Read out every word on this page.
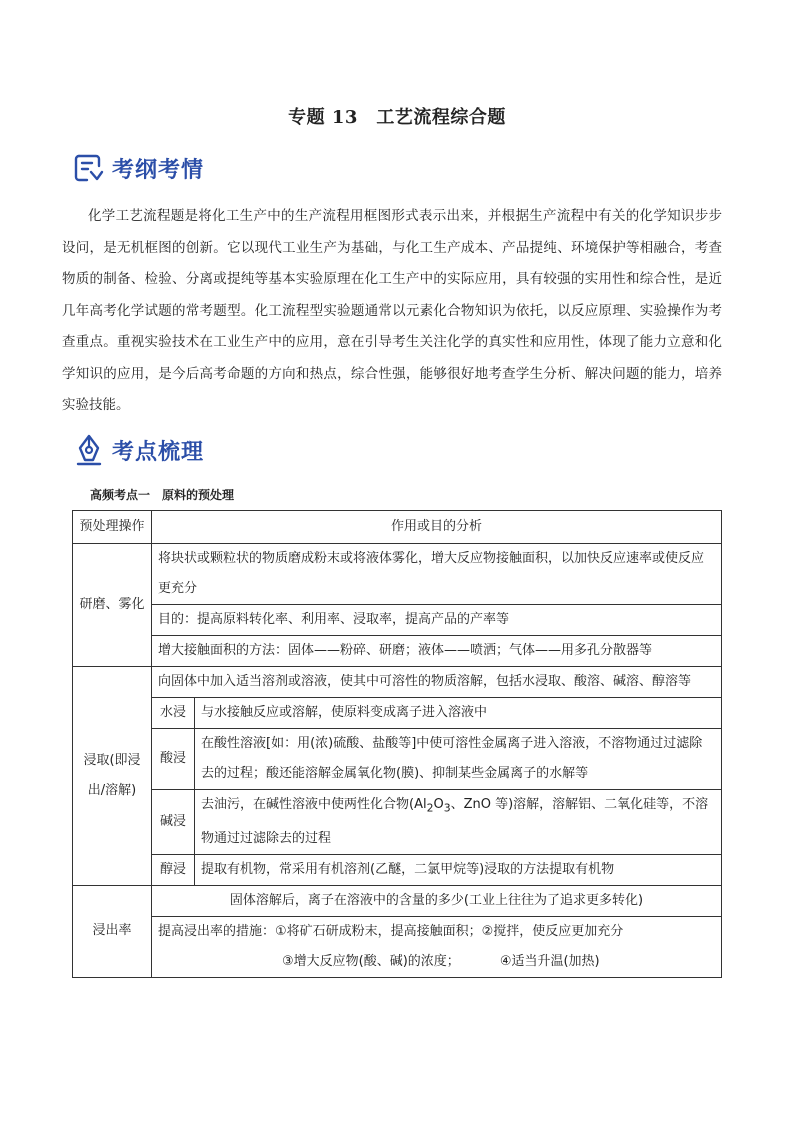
专题 13　工艺流程综合题
考纲考情
化学工艺流程题是将化工生产中的生产流程用框图形式表示出来，并根据生产流程中有关的化学知识步步设问，是无机框图的创新。它以现代工业生产为基础，与化工生产成本、产品提纯、环境保护等相融合，考查物质的制备、检验、分离或提纯等基本实验原理在化工生产中的实际应用，具有较强的实用性和综合性，是近几年高考化学试题的常考题型。化工流程型实验题通常以元素化合物知识为依托，以反应原理、实验操作为考查重点。重视实验技术在工业生产中的应用，意在引导考生关注化学的真实性和应用性，体现了能力立意和化学知识的应用，是今后高考命题的方向和热点，综合性强，能够很好地考查学生分析、解决问题的能力，培养实验技能。
考点梳理
高频考点一　原料的预处理
预处理操作	作用或目的分析	
研磨、雾化	将块状或颗粒状的物质磨成粉末或将液体雾化，增大反应物接触面积，以加快反应速率或使反应更充分	
	目的：提高原料转化率、利用率、浸取率，提高产品的产率等	
	增大接触面积的方法：固体——粉碎、研磨；液体——喷洒；气体——用多孔分散器等	
浸取(即浸出/溶解)	向固体中加入适当溶剂或溶液，使其中可溶性的物质溶解，包括水浸取、酸溶、碱溶、醇溶等	
	水浸	与水接触反应或溶解，使原料变成离子进入溶液中
	酸浸	在酸性溶液[如：用(浓)硫酸、盐酸等]中使可溶性金属离子进入溶液，不溶物通过过滤除去的过程；酸还能溶解金属氧化物(膜)、抑制某些金属离子的水解等
	碱浸	去油污，在碱性溶液中使两性化合物($Al_2O_3$、ZnO 等)溶解，溶解铝、二氧化硅等，不溶物通过过滤除去的过程
	醇浸	提取有机物，常采用有机溶剂(乙醚，二氯甲烷等)浸取的方法提取有机物
浸出率	固体溶解后，离子在溶液中的含量的多少(工业上往往为了追求更多转化)	

	提高浸出率的措施：①将矿石研成粉末，提高接触面积；②搅拌，使反应更加充分
③增大反应物(酸、碱)的浓度； ④适当升温(加热)	
